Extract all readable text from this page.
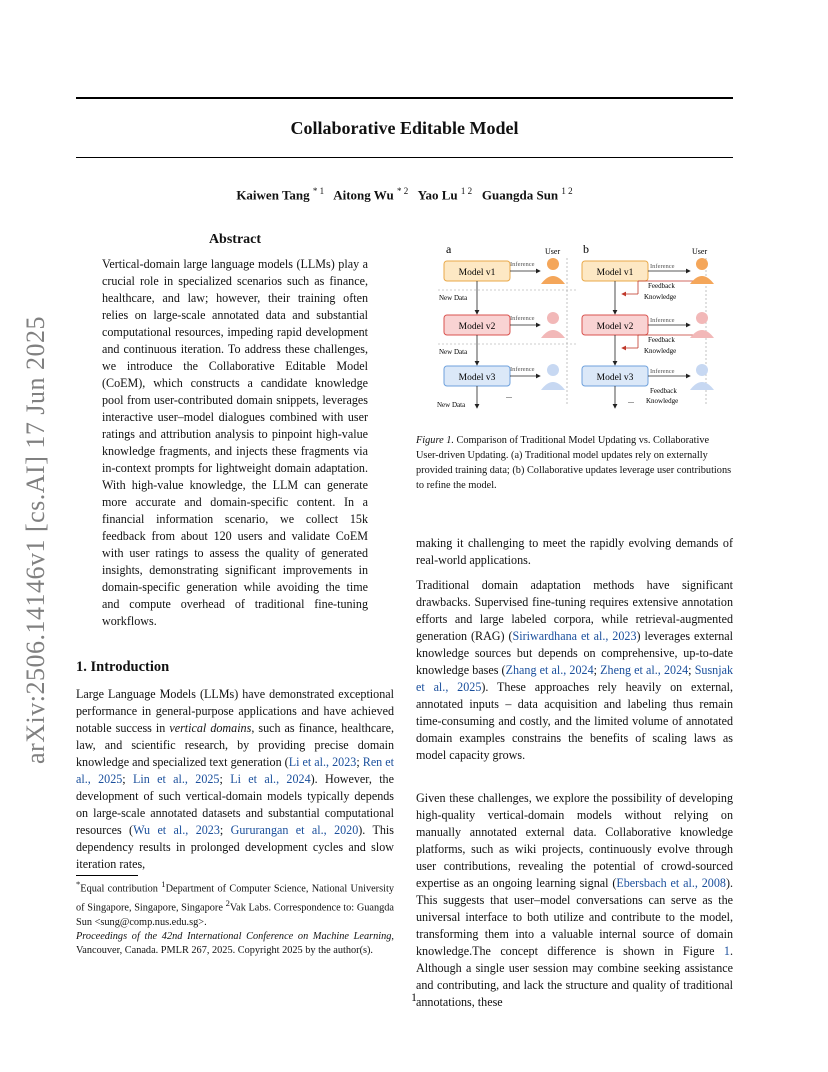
arXiv:2506.14146v1 [cs.AI] 17 Jun 2025
Collaborative Editable Model
Kaiwen Tang $^{* 1}$ Aitong Wu $^{* 2}$ Yao Lu $^{1 2}$ Guangda Sun $^{1 2}$
Abstract

Vertical-domain large language models (LLMs) play a crucial role in specialized scenarios such as finance, healthcare, and law; however, their training often relies on large-scale annotated data and substantial computational resources, impeding rapid development and continuous iteration. To address these challenges, we introduce the Collaborative Editable Model (CoEM), which constructs a candidate knowledge pool from user-contributed domain snippets, leverages interactive user–model dialogues combined with user ratings and attribution analysis to pinpoint high-value knowledge fragments, and injects these fragments via in-context prompts for lightweight domain adaptation. With high-value knowledge, the LLM can generate more accurate and domain-specific content. In a financial information scenario, we collect 15k feedback from about 120 users and validate CoEM with user ratings to assess the quality of generated insights, demonstrating significant improvements in domain-specific generation while avoiding the time and compute overhead of traditional fine-tuning workflows.

1. Introduction

Large Language Models (LLMs) have demonstrated exceptional performance in general-purpose applications and have achieved notable success in vertical domains, such as finance, healthcare, law, and scientific research, by providing precise domain knowledge and specialized text generation (Li et al., 2023; Ren et al., 2025; Lin et al., 2025; Li et al., 2024). However, the development of such vertical-domain models typically depends on large-scale annotated datasets and substantial computational resources (Wu et al., 2023; Gururangan et al., 2020). This dependency results in prolonged development cycles and slow iteration rates,

*Equal contribution $^1$Department of Computer Science, National University of Singapore, Singapore, Singapore $^2$Vak Labs. Correspondence to: Guangda Sun <sung@comp.nus.edu.sg>.

Proceedings of the 42nd International Conference on Machine Learning, Vancouver, Canada. PMLR 267, 2025. Copyright 2025 by the author(s).

a	b
User	User
Model v1
Model v2
Model v3
New Data
New Data
New Data
Inference
Inference
Inference
...
Model v1
Model v2
Model v3
Inference
Inference
Inference
Feedback
Knowledge
Feedback
Knowledge
Feedback
Knowledge
...

Figure 1. Comparison of Traditional Model Updating vs. Collaborative User-driven Updating. (a) Traditional model updates rely on externally provided training data; (b) Collaborative updates leverage user contributions to refine the model.

making it challenging to meet the rapidly evolving demands of real-world applications.

Traditional domain adaptation methods have significant drawbacks. Supervised fine-tuning requires extensive annotation efforts and large labeled corpora, while retrieval-augmented generation (RAG) (Siriwardhana et al., 2023) leverages external knowledge sources but depends on comprehensive, up-to-date knowledge bases (Zhang et al., 2024; Zheng et al., 2024; Susnjak et al., 2025). These approaches rely heavily on external, annotated inputs – data acquisition and labeling thus remain time-consuming and costly, and the limited volume of annotated domain examples constrains the benefits of scaling laws as model capacity grows.

Given these challenges, we explore the possibility of developing high-quality vertical-domain models without relying on manually annotated external data. Collaborative knowledge platforms, such as wiki projects, continuously evolve through user contributions, revealing the potential of crowd-sourced expertise as an ongoing learning signal (Ebersbach et al., 2008). This suggests that user–model conversations can serve as the universal interface to both utilize and contribute to the model, transforming them into a valuable internal source of domain knowledge.The concept difference is shown in Figure 1. Although a single user session may combine seeking assistance and contributing, and lack the structure and quality of traditional annotations, these

1
